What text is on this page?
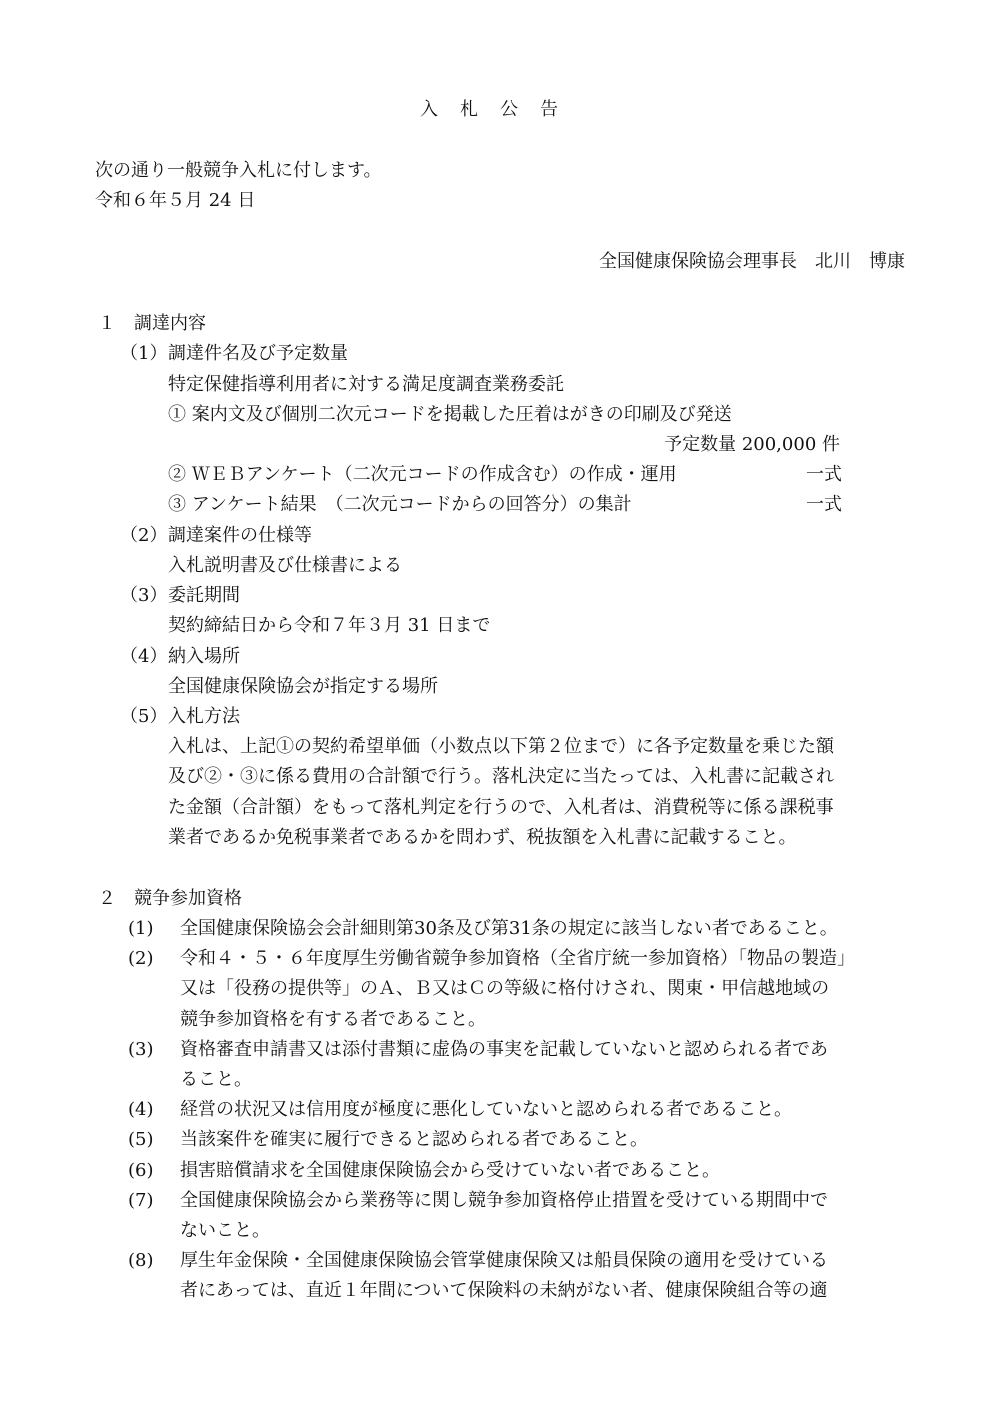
入札公告
次の通り一般競争入札に付します。
令和６年５月 24 日
全国健康保険協会理事長　北川　博康
１　調達内容
（1） 調達件名及び予定数量
特定保健指導利用者に対する満足度調査業務委託
① 案内文及び個別二次元コードを掲載した圧着はがきの印刷及び発送
予定数量 200,000 件
② ＷＥＢアンケート（二次元コードの作成含む）の作成・運用	一式
③ アンケート結果　（二次元コードからの回答分）の集計	一式
（2） 調達案件の仕様等
入札説明書及び仕様書による
（3） 委託期間
契約締結日から令和７年３月 31 日まで
（4） 納入場所
全国健康保険協会が指定する場所
（5） 入札方法
入札は、上記①の契約希望単価（小数点以下第２位まで）に各予定数量を乗じた額
及び②・③に係る費用の合計額で行う。落札決定に当たっては、入札書に記載され
た金額（合計額）をもって落札判定を行うので、入札者は、消費税等に係る課税事
業者であるか免税事業者であるかを問わず、税抜額を入札書に記載すること。
２　競争参加資格
(1) 全国健康保険協会会計細則第30条及び第31条の規定に該当しない者であること。
(2) 令和４・５・６年度厚生労働省競争参加資格（全省庁統一参加資格）「物品の製造」
又は「役務の提供等」のＡ、Ｂ又はＣの等級に格付けされ、関東・甲信越地域の
競争参加資格を有する者であること。
(3) 資格審査申請書又は添付書類に虚偽の事実を記載していないと認められる者であ
ること。
(4) 経営の状況又は信用度が極度に悪化していないと認められる者であること。
(5) 当該案件を確実に履行できると認められる者であること。
(6) 損害賠償請求を全国健康保険協会から受けていない者であること。
(7) 全国健康保険協会から業務等に関し競争参加資格停止措置を受けている期間中で
ないこと。
(8) 厚生年金保険・全国健康保険協会管掌健康保険又は船員保険の適用を受けている
者にあっては、直近１年間について保険料の未納がない者、健康保険組合等の適
